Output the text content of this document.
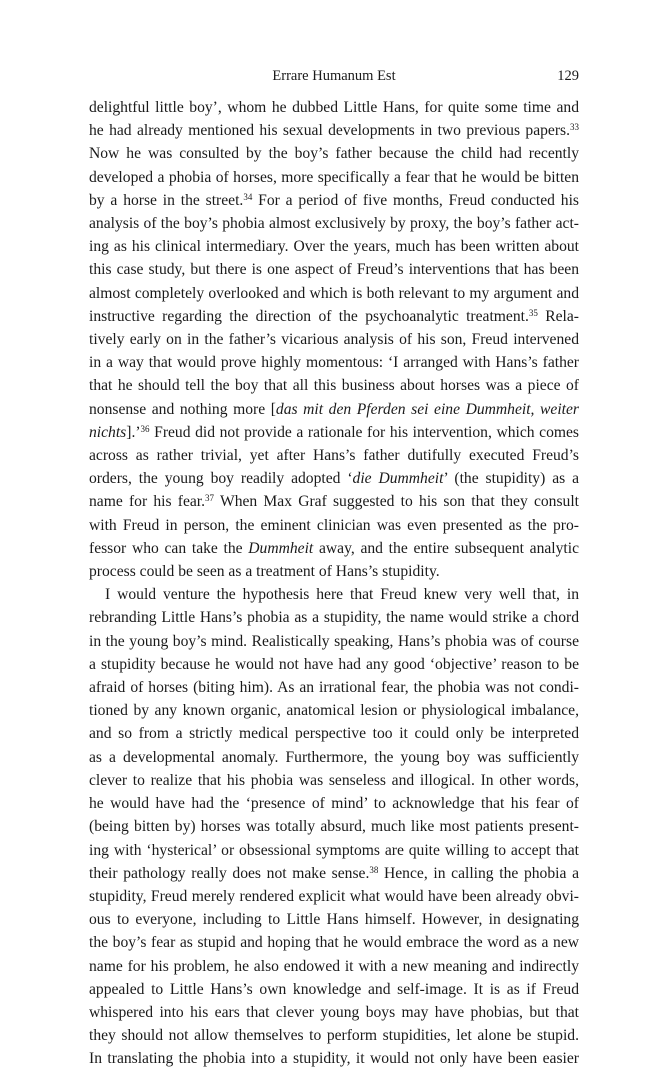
Errare Humanum Est	129
delightful little boy’, whom he dubbed Little Hans, for quite some time and
he had already mentioned his sexual developments in two previous papers.$^{33}$
Now he was consulted by the boy’s father because the child had recently
developed a phobia of horses, more specifically a fear that he would be bitten
by a horse in the street.$^{34}$ For a period of five months, Freud conducted his
analysis of the boy’s phobia almost exclusively by proxy, the boy’s father act-
ing as his clinical intermediary. Over the years, much has been written about
this case study, but there is one aspect of Freud’s interventions that has been
almost completely overlooked and which is both relevant to my argument and
instructive regarding the direction of the psychoanalytic treatment.$^{35}$ Rela-
tively early on in the father’s vicarious analysis of his son, Freud intervened
in a way that would prove highly momentous: ‘I arranged with Hans’s father
that he should tell the boy that all this business about horses was a piece of
nonsense and nothing more [das mit den Pferden sei eine Dummheit, weiter
nichts].’$^{36}$ Freud did not provide a rationale for his intervention, which comes
across as rather trivial, yet after Hans’s father dutifully executed Freud’s
orders, the young boy readily adopted ‘die Dummheit’ (the stupidity) as a
name for his fear.$^{37}$ When Max Graf suggested to his son that they consult
with Freud in person, the eminent clinician was even presented as the pro-
fessor who can take the Dummheit away, and the entire subsequent analytic
process could be seen as a treatment of Hans’s stupidity.
I would venture the hypothesis here that Freud knew very well that, in
rebranding Little Hans’s phobia as a stupidity, the name would strike a chord
in the young boy’s mind. Realistically speaking, Hans’s phobia was of course
a stupidity because he would not have had any good ‘objective’ reason to be
afraid of horses (biting him). As an irrational fear, the phobia was not condi-
tioned by any known organic, anatomical lesion or physiological imbalance,
and so from a strictly medical perspective too it could only be interpreted
as a developmental anomaly. Furthermore, the young boy was sufficiently
clever to realize that his phobia was senseless and illogical. In other words,
he would have had the ‘presence of mind’ to acknowledge that his fear of
(being bitten by) horses was totally absurd, much like most patients present-
ing with ‘hysterical’ or obsessional symptoms are quite willing to accept that
their pathology really does not make sense.$^{38}$ Hence, in calling the phobia a
stupidity, Freud merely rendered explicit what would have been already obvi-
ous to everyone, including to Little Hans himself. However, in designating
the boy’s fear as stupid and hoping that he would embrace the word as a new
name for his problem, he also endowed it with a new meaning and indirectly
appealed to Little Hans’s own knowledge and self-image. It is as if Freud
whispered into his ears that clever young boys may have phobias, but that
they should not allow themselves to perform stupidities, let alone be stupid.
In translating the phobia into a stupidity, it would not only have been easier
